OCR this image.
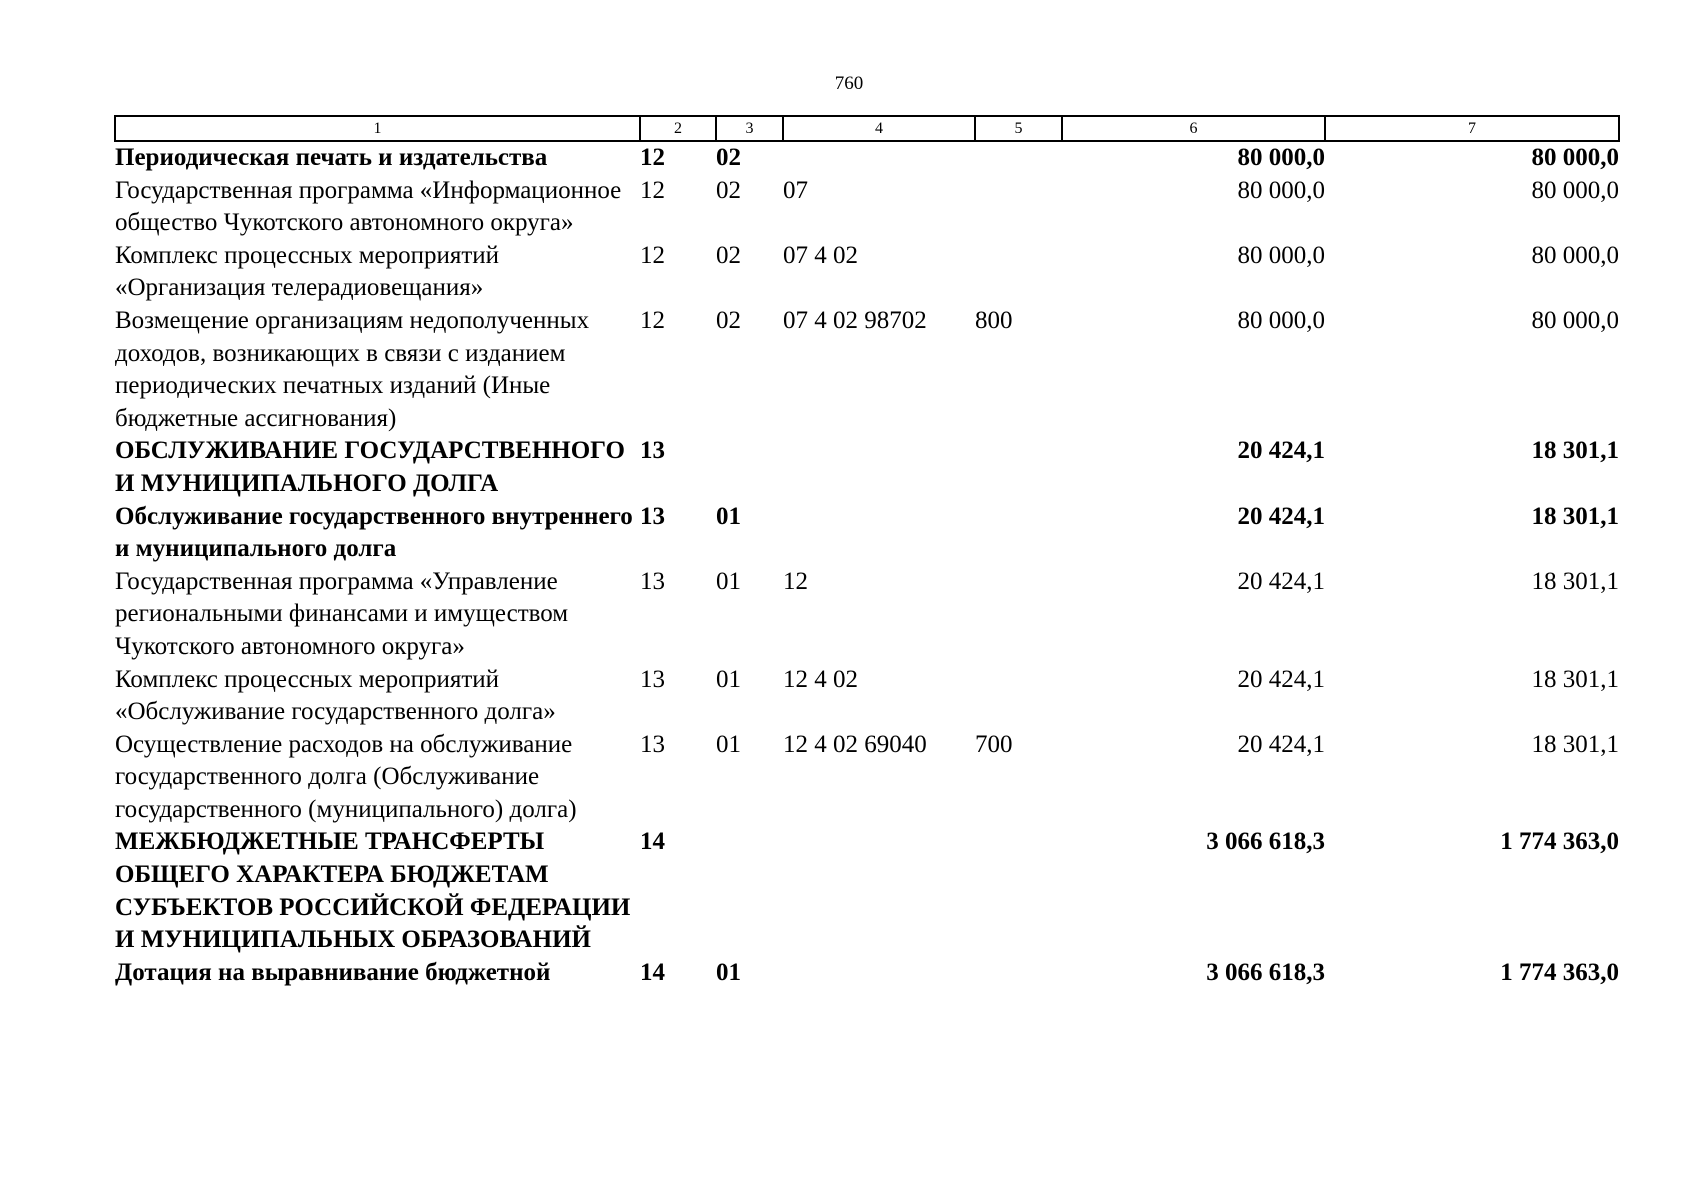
760
1	2	3	4	5	6	7
Периодическая печать и издательства	12	02			80 000,0	80 000,0
Государственная программа «Информационное общество Чукотского автономного округа»	12	02	07		80 000,0	80 000,0
Комплекс процессных мероприятий «Организация телерадиовещания»	12	02	07 4 02		80 000,0	80 000,0
Возмещение организациям недополученных доходов, возникающих в связи с изданием периодических печатных изданий (Иные бюджетные ассигнования)	12	02	07 4 02 98702	800	80 000,0	80 000,0
ОБСЛУЖИВАНИЕ ГОСУДАРСТВЕННОГО И МУНИЦИПАЛЬНОГО ДОЛГА	13				20 424,1	18 301,1
Обслуживание государственного внутреннего и муниципального долга	13	01			20 424,1	18 301,1
Государственная программа «Управление региональными финансами и имуществом Чукотского автономного округа»	13	01	12		20 424,1	18 301,1
Комплекс процессных мероприятий «Обслуживание государственного долга»	13	01	12 4 02		20 424,1	18 301,1
Осуществление расходов на обслуживание государственного долга (Обслуживание государственного (муниципального) долга)	13	01	12 4 02 69040	700	20 424,1	18 301,1
МЕЖБЮДЖЕТНЫЕ ТРАНСФЕРТЫ ОБЩЕГО ХАРАКТЕРА БЮДЖЕТАМ СУБЪЕКТОВ РОССИЙСКОЙ ФЕДЕРАЦИИ И МУНИЦИПАЛЬНЫХ ОБРАЗОВАНИЙ	14				3 066 618,3	1 774 363,0
Дотация на выравнивание бюджетной	14	01			3 066 618,3	1 774 363,0
